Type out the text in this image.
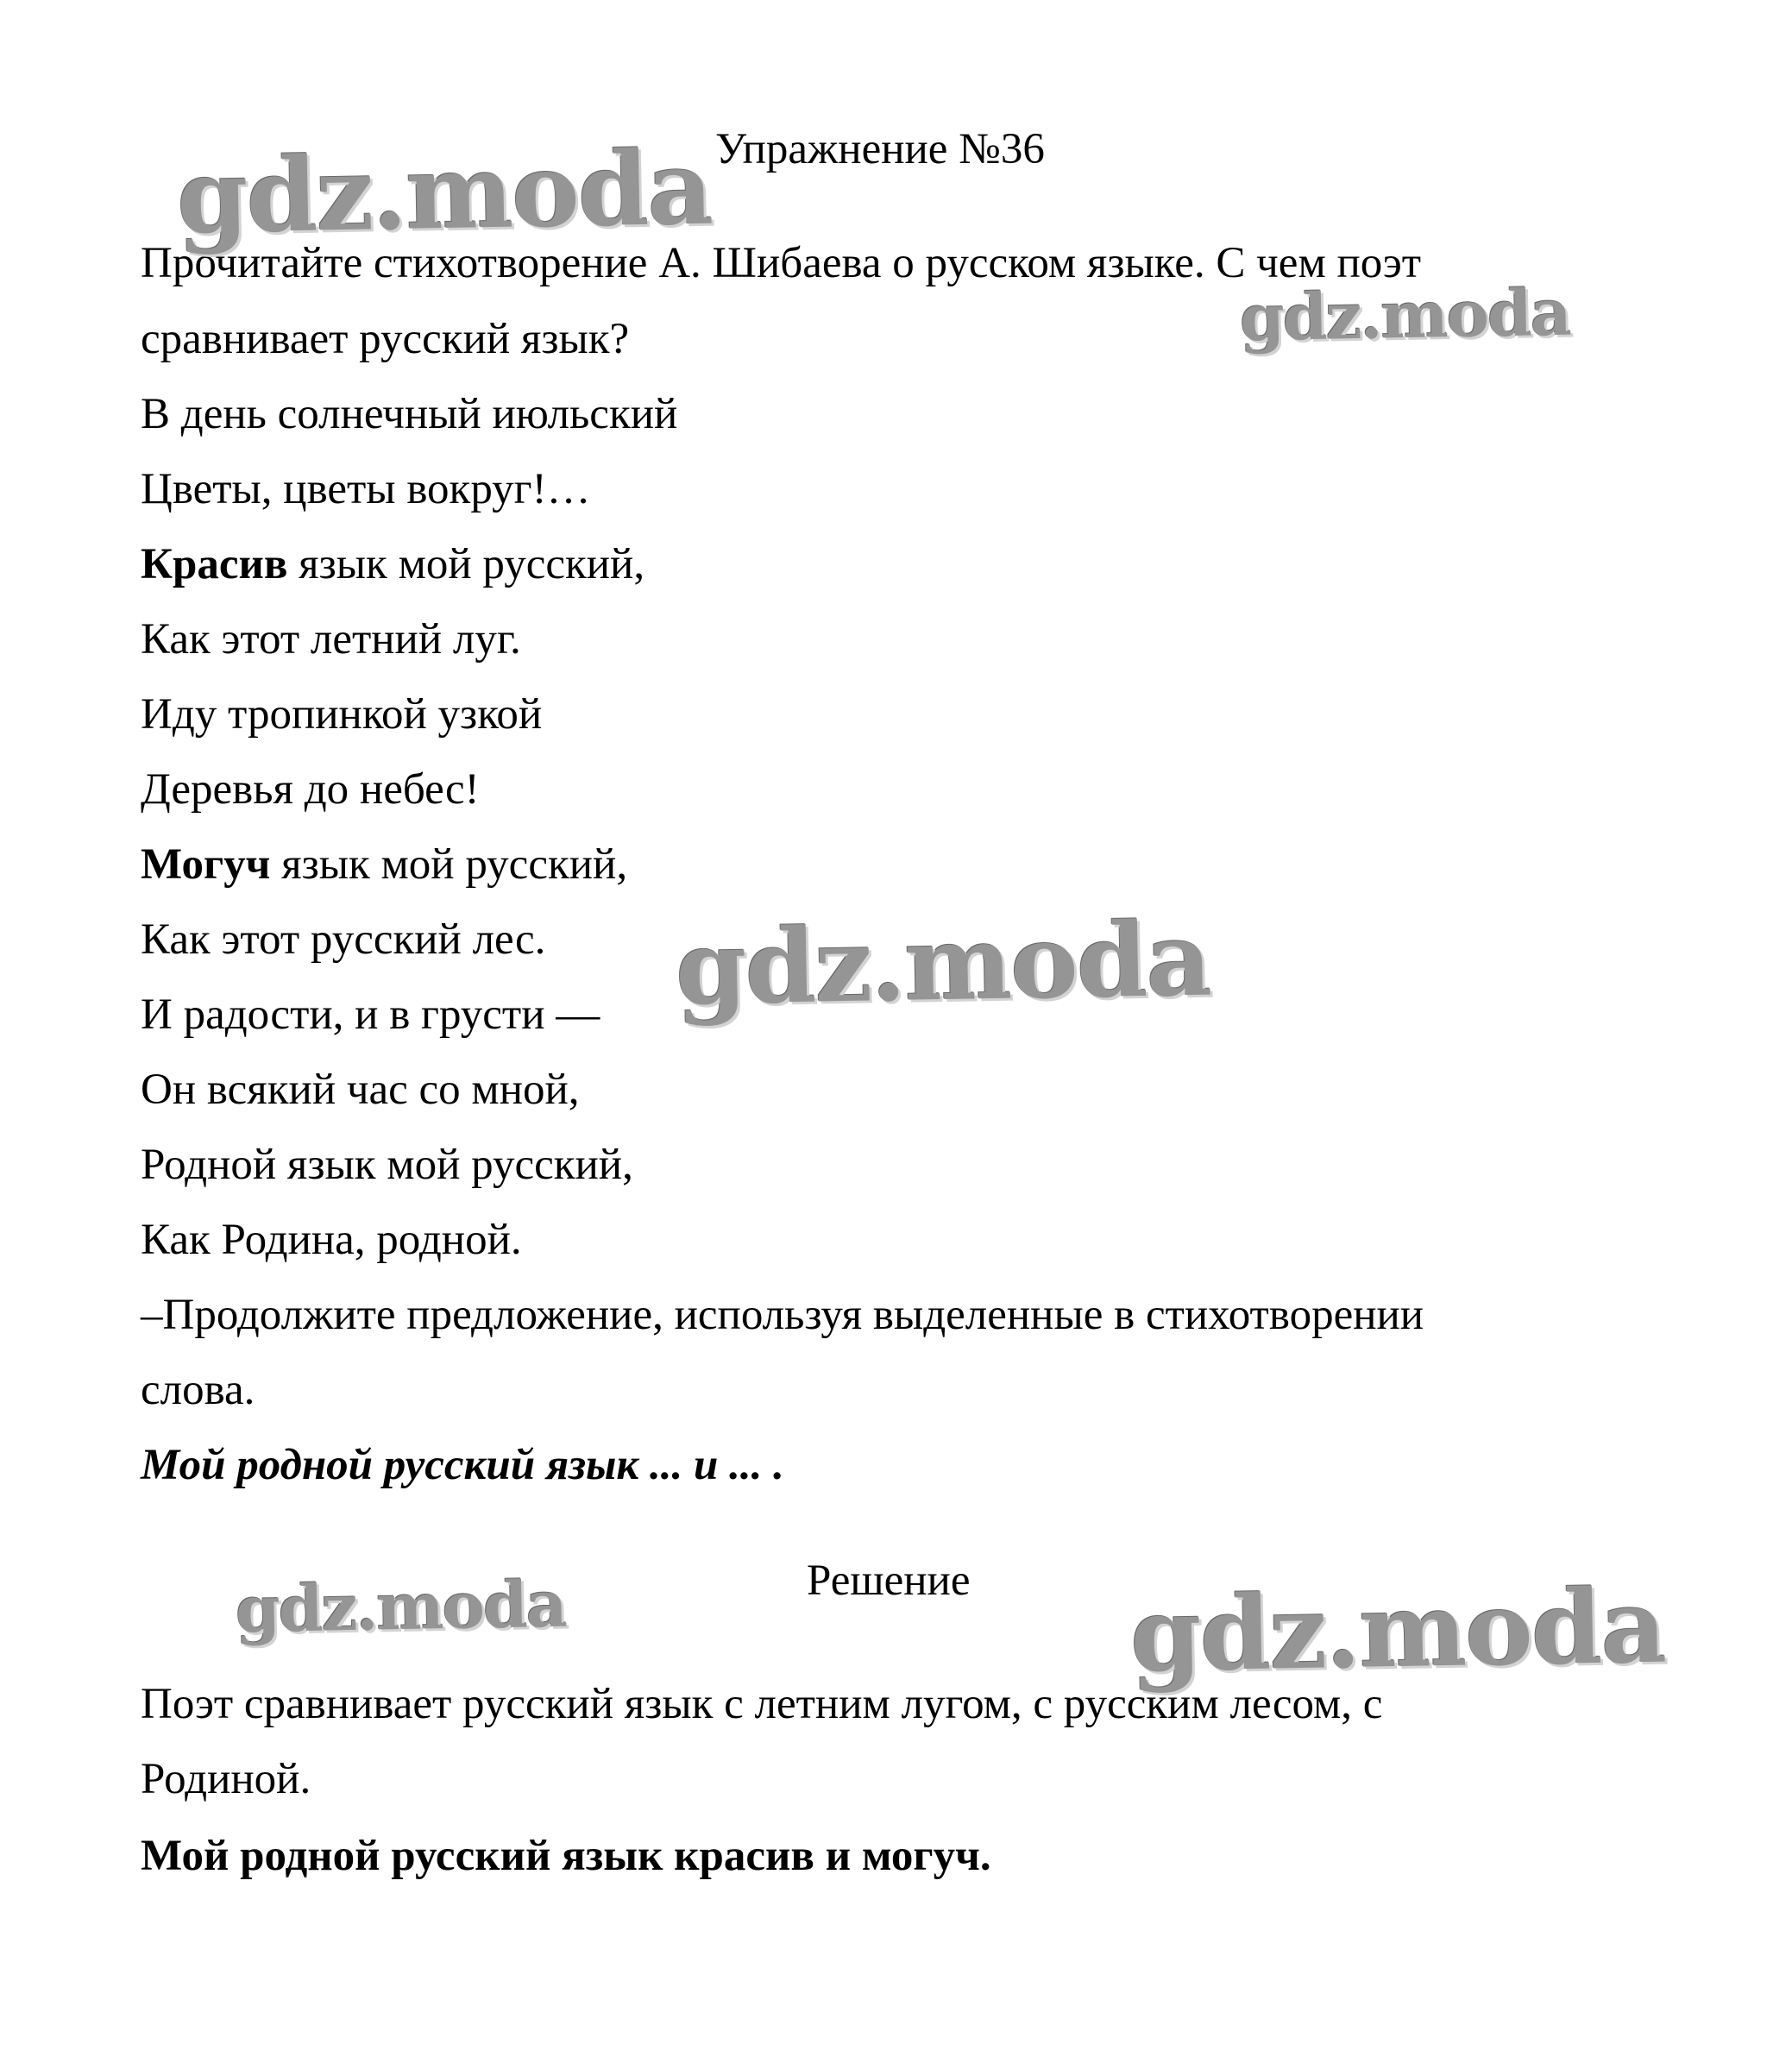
Упражнение №36
Прочитайте стихотворение А. Шибаева о русском языке. С чем поэт
сравнивает русский язык?
В день солнечный июльский
Цветы, цветы вокруг!…
Красив язык мой русский,
Как этот летний луг.
Иду тропинкой узкой
Деревья до небес!
Могуч язык мой русский,
Как этот русский лес.
И радости, и в грусти —
Он всякий час со мной,
Родной язык мой русский,
Как Родина, родной.
–Продолжите предложение, используя выделенные в стихотворении
слова.
Мой родной русский язык ... и ... .
Решение
Поэт сравнивает русский язык с летним лугом, с русским лесом, с
Родиной.
Мой родной русский язык красив и могуч.
gdz.moda
gdz.moda
gdz.moda
gdz.moda	gdz.moda
